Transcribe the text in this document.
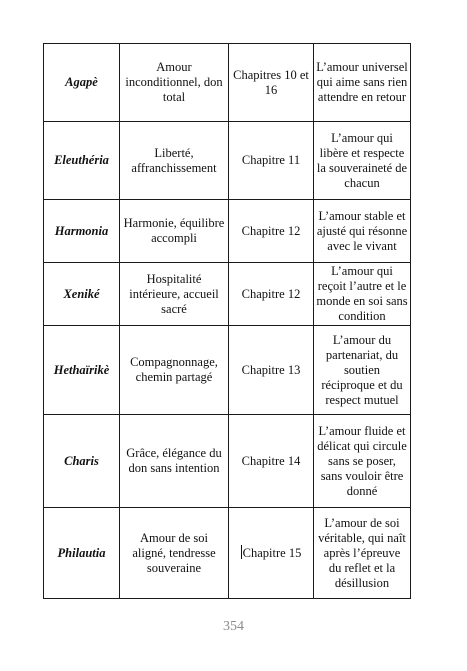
Agapè	Amour inconditionnel, don total	Chapitres 10 et 16	L’amour universel qui aime sans rien attendre en retour
Eleuthéria	Liberté, affranchissement	Chapitre 11	L’amour qui libère et respecte la souveraineté de chacun
Harmonia	Harmonie, équilibre accompli	Chapitre 12	L’amour stable et ajusté qui résonne avec le vivant
Xeniké	Hospitalité intérieure, accueil sacré	Chapitre 12	L’amour qui reçoit l’autre et le monde en soi sans condition
Hethaïrikè	Compagnonnage, chemin partagé	Chapitre 13	L’amour du partenariat, du soutien réciproque et du respect mutuel
Charis	Grâce, élégance du don sans intention	Chapitre 14	L’amour fluide et délicat qui circule sans se poser, sans vouloir être donné
Philautia	Amour de soi aligné, tendresse souveraine	Chapitre 15	L’amour de soi véritable, qui naît après l’épreuve du reflet et la désillusion
354
